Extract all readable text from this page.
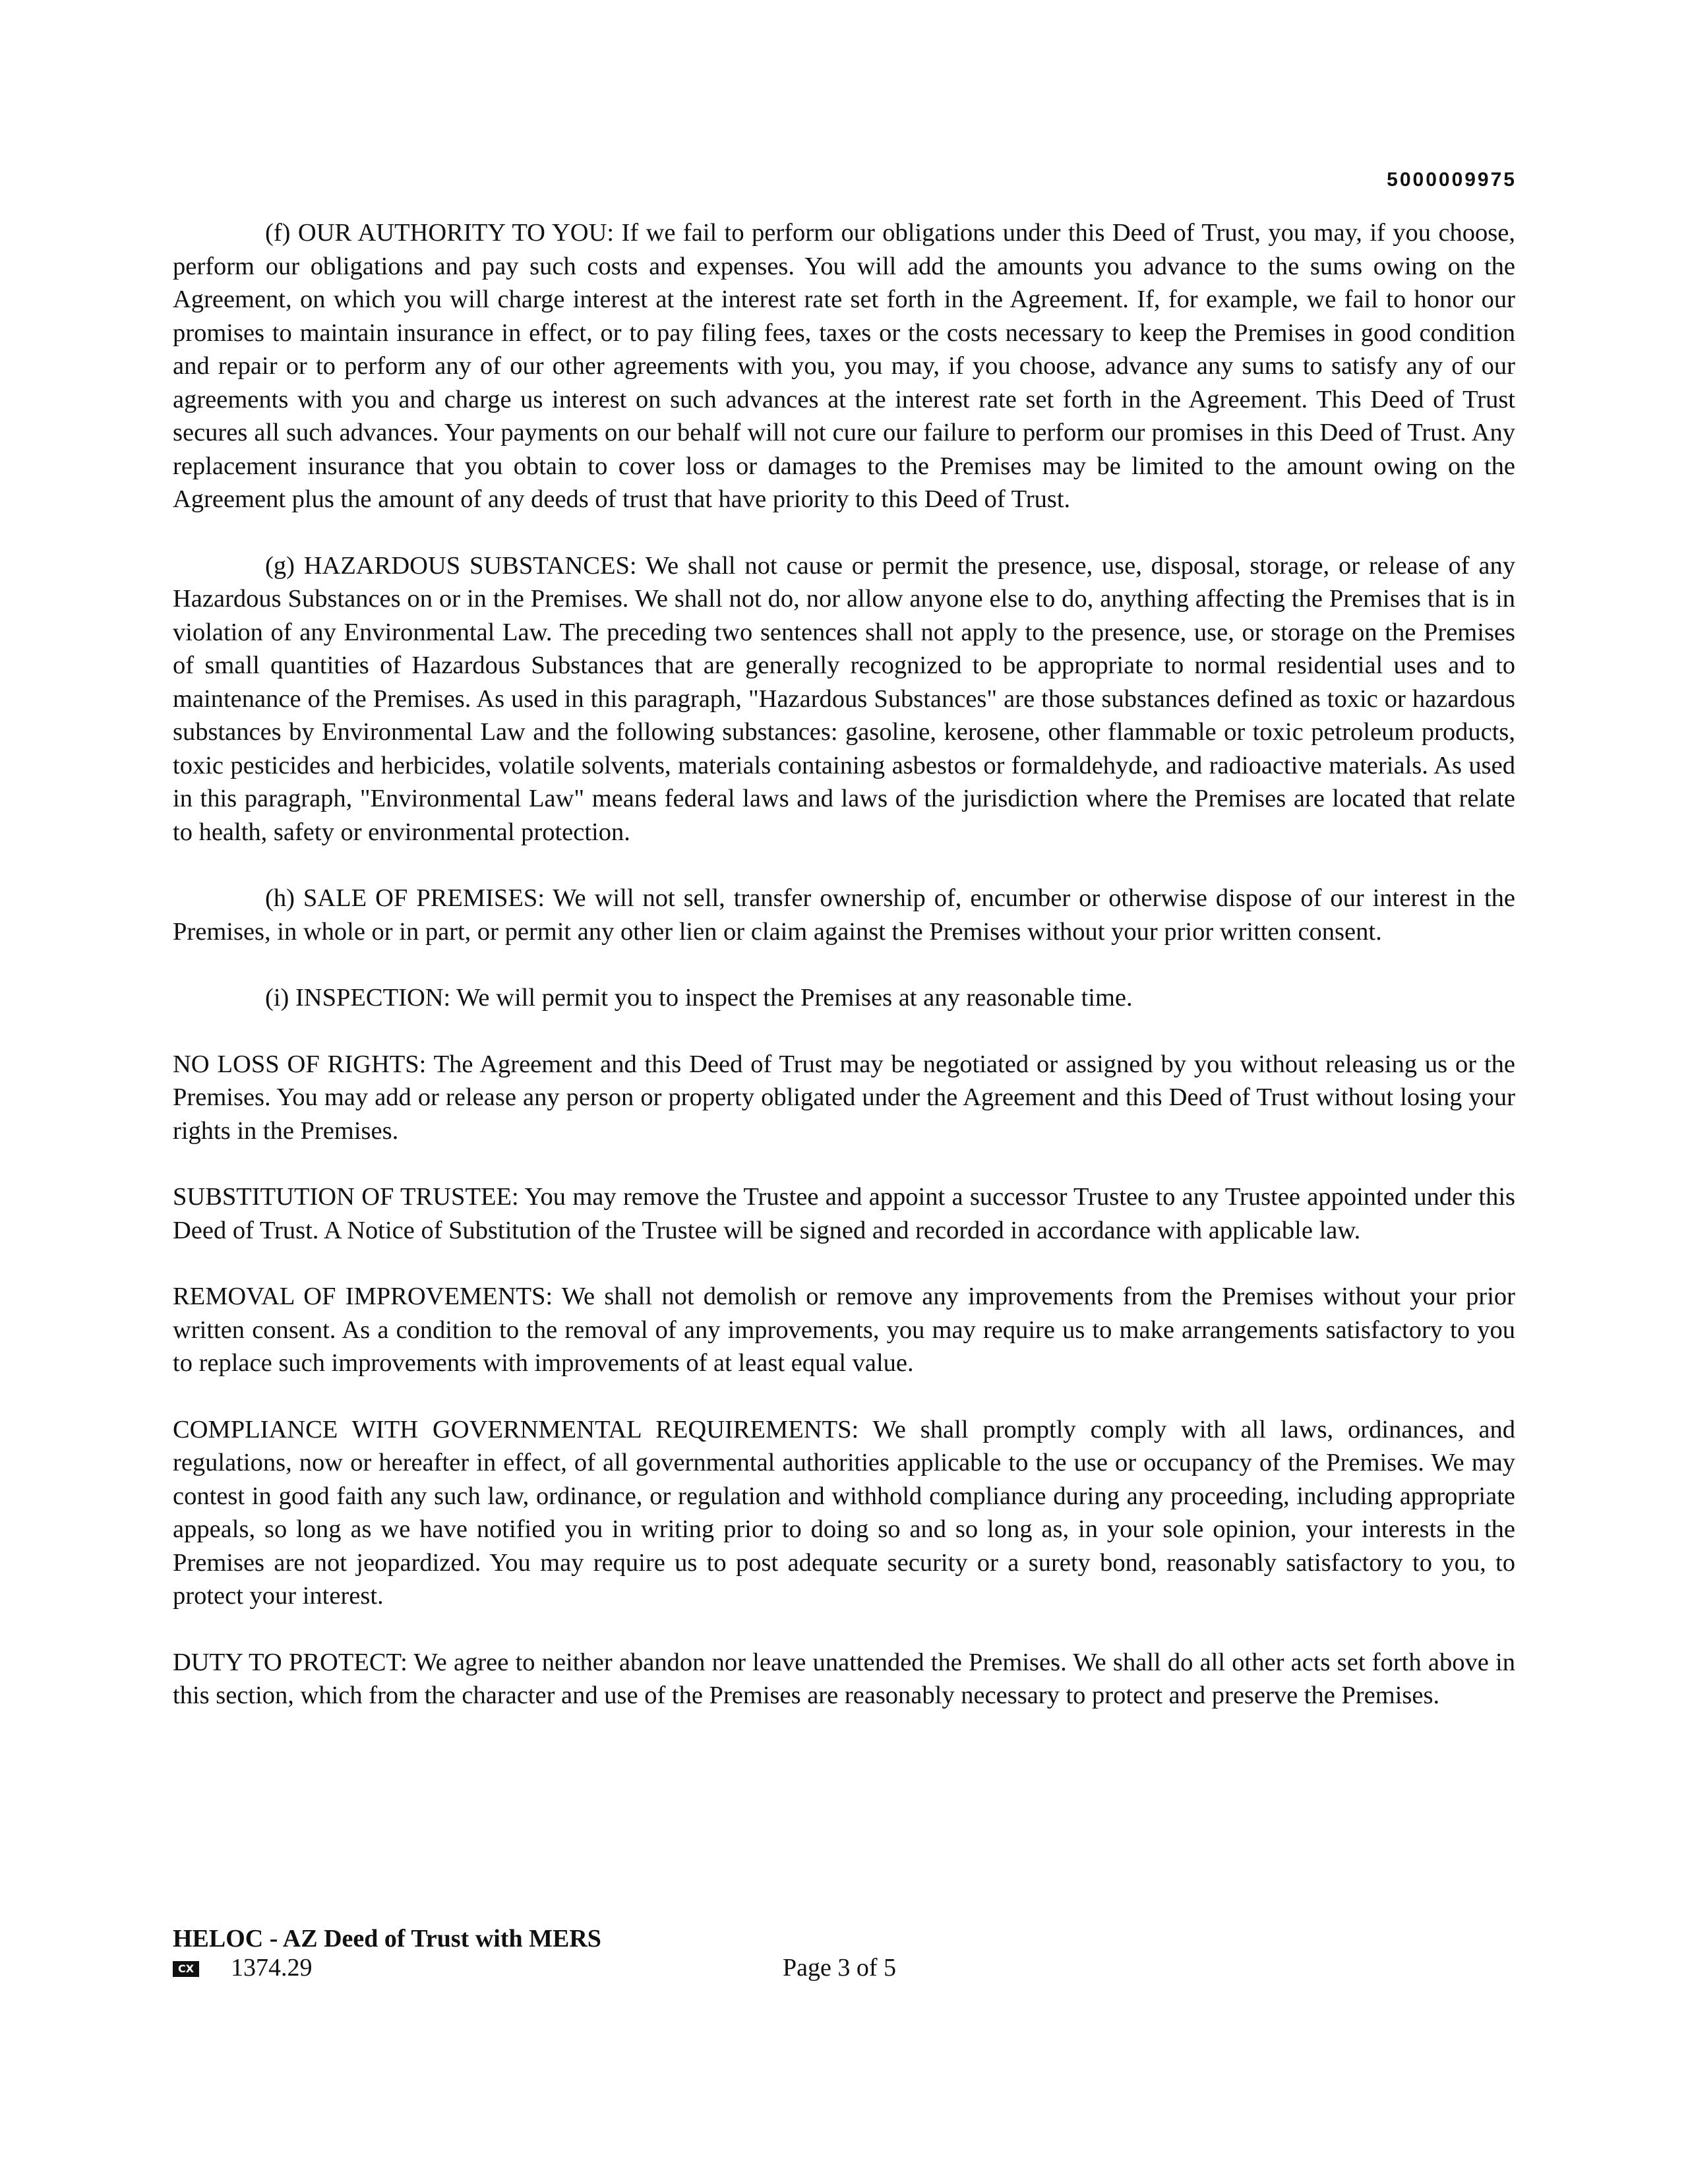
5000009975

(f) OUR AUTHORITY TO YOU: If we fail to perform our obligations under this Deed of Trust, you may, if you choose, perform our obligations and pay such costs and expenses. You will add the amounts you advance to the sums owing on the Agreement, on which you will charge interest at the interest rate set forth in the Agreement. If, for example, we fail to honor our promises to maintain insurance in effect, or to pay filing fees, taxes or the costs necessary to keep the Premises in good condition and repair or to perform any of our other agreements with you, you may, if you choose, advance any sums to satisfy any of our agreements with you and charge us interest on such advances at the interest rate set forth in the Agreement. This Deed of Trust secures all such advances. Your payments on our behalf will not cure our failure to perform our promises in this Deed of Trust. Any replacement insurance that you obtain to cover loss or damages to the Premises may be limited to the amount owing on the Agreement plus the amount of any deeds of trust that have priority to this Deed of Trust.

(g) HAZARDOUS SUBSTANCES: We shall not cause or permit the presence, use, disposal, storage, or release of any Hazardous Substances on or in the Premises. We shall not do, nor allow anyone else to do, anything affecting the Premises that is in violation of any Environmental Law. The preceding two sentences shall not apply to the presence, use, or storage on the Premises of small quantities of Hazardous Substances that are generally recognized to be appropriate to normal residential uses and to maintenance of the Premises. As used in this paragraph, "Hazardous Substances" are those substances defined as toxic or hazardous substances by Environmental Law and the following substances: gasoline, kerosene, other flammable or toxic petroleum products, toxic pesticides and herbicides, volatile solvents, materials containing asbestos or formaldehyde, and radioactive materials. As used in this paragraph, "Environmental Law" means federal laws and laws of the jurisdiction where the Premises are located that relate to health, safety or environmental protection.

(h) SALE OF PREMISES: We will not sell, transfer ownership of, encumber or otherwise dispose of our interest in the Premises, in whole or in part, or permit any other lien or claim against the Premises without your prior written consent.

(i) INSPECTION: We will permit you to inspect the Premises at any reasonable time.

NO LOSS OF RIGHTS: The Agreement and this Deed of Trust may be negotiated or assigned by you without releasing us or the Premises. You may add or release any person or property obligated under the Agreement and this Deed of Trust without losing your rights in the Premises.

SUBSTITUTION OF TRUSTEE: You may remove the Trustee and appoint a successor Trustee to any Trustee appointed under this Deed of Trust. A Notice of Substitution of the Trustee will be signed and recorded in accordance with applicable law.

REMOVAL OF IMPROVEMENTS: We shall not demolish or remove any improvements from the Premises without your prior written consent. As a condition to the removal of any improvements, you may require us to make arrangements satisfactory to you to replace such improvements with improvements of at least equal value.

COMPLIANCE WITH GOVERNMENTAL REQUIREMENTS: We shall promptly comply with all laws, ordinances, and regulations, now or hereafter in effect, of all governmental authorities applicable to the use or occupancy of the Premises. We may contest in good faith any such law, ordinance, or regulation and withhold compliance during any proceeding, including appropriate appeals, so long as we have notified you in writing prior to doing so and so long as, in your sole opinion, your interests in the Premises are not jeopardized. You may require us to post adequate security or a surety bond, reasonably satisfactory to you, to protect your interest.

DUTY TO PROTECT: We agree to neither abandon nor leave unattended the Premises. We shall do all other acts set forth above in this section, which from the character and use of the Premises are reasonably necessary to protect and preserve the Premises.

HELOC - AZ Deed of Trust with MERS
CX 1374.29	Page 3 of 5
